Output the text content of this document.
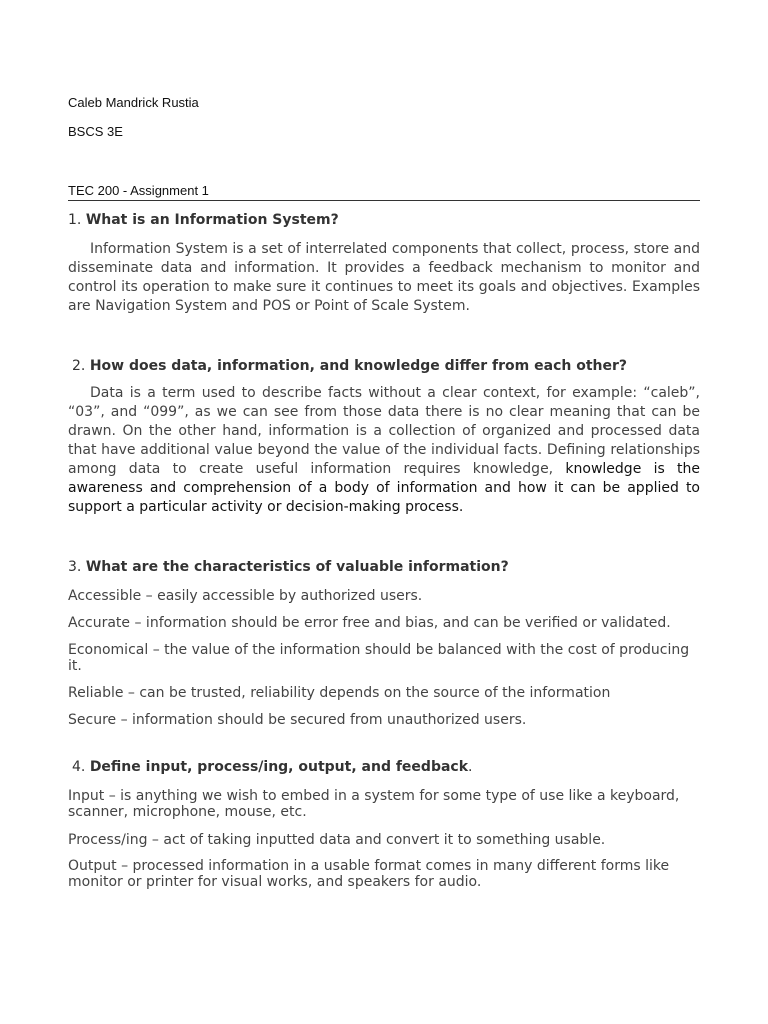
Caleb Mandrick Rustia
BSCS 3E
TEC 200 - Assignment 1
1. What is an Information System?
Information System is a set of interrelated components that collect, process, store and disseminate data and information. It provides a feedback mechanism to monitor and control its operation to make sure it continues to meet its goals and objectives. Examples are Navigation System and POS or Point of Scale System.
2. How does data, information, and knowledge differ from each other?
Data is a term used to describe facts without a clear context, for example: “caleb”, “03”, and “099”, as we can see from those data there is no clear meaning that can be drawn. On the other hand, information is a collection of organized and processed data that have additional value beyond the value of the individual facts. Defining relationships among data to create useful information requires knowledge, knowledge is the awareness and comprehension of a body of information and how it can be applied to support a particular activity or decision-making process.
3. What are the characteristics of valuable information?
Accessible – easily accessible by authorized users.
Accurate – information should be error free and bias, and can be verified or validated.
Economical – the value of the information should be balanced with the cost of producing it.
Reliable – can be trusted, reliability depends on the source of the information
Secure – information should be secured from unauthorized users.
4. Define input, process/ing, output, and feedback.
Input – is anything we wish to embed in a system for some type of use like a keyboard, scanner, microphone, mouse, etc.
Process/ing – act of taking inputted data and convert it to something usable.
Output – processed information in a usable format comes in many different forms like monitor or printer for visual works, and speakers for audio.
